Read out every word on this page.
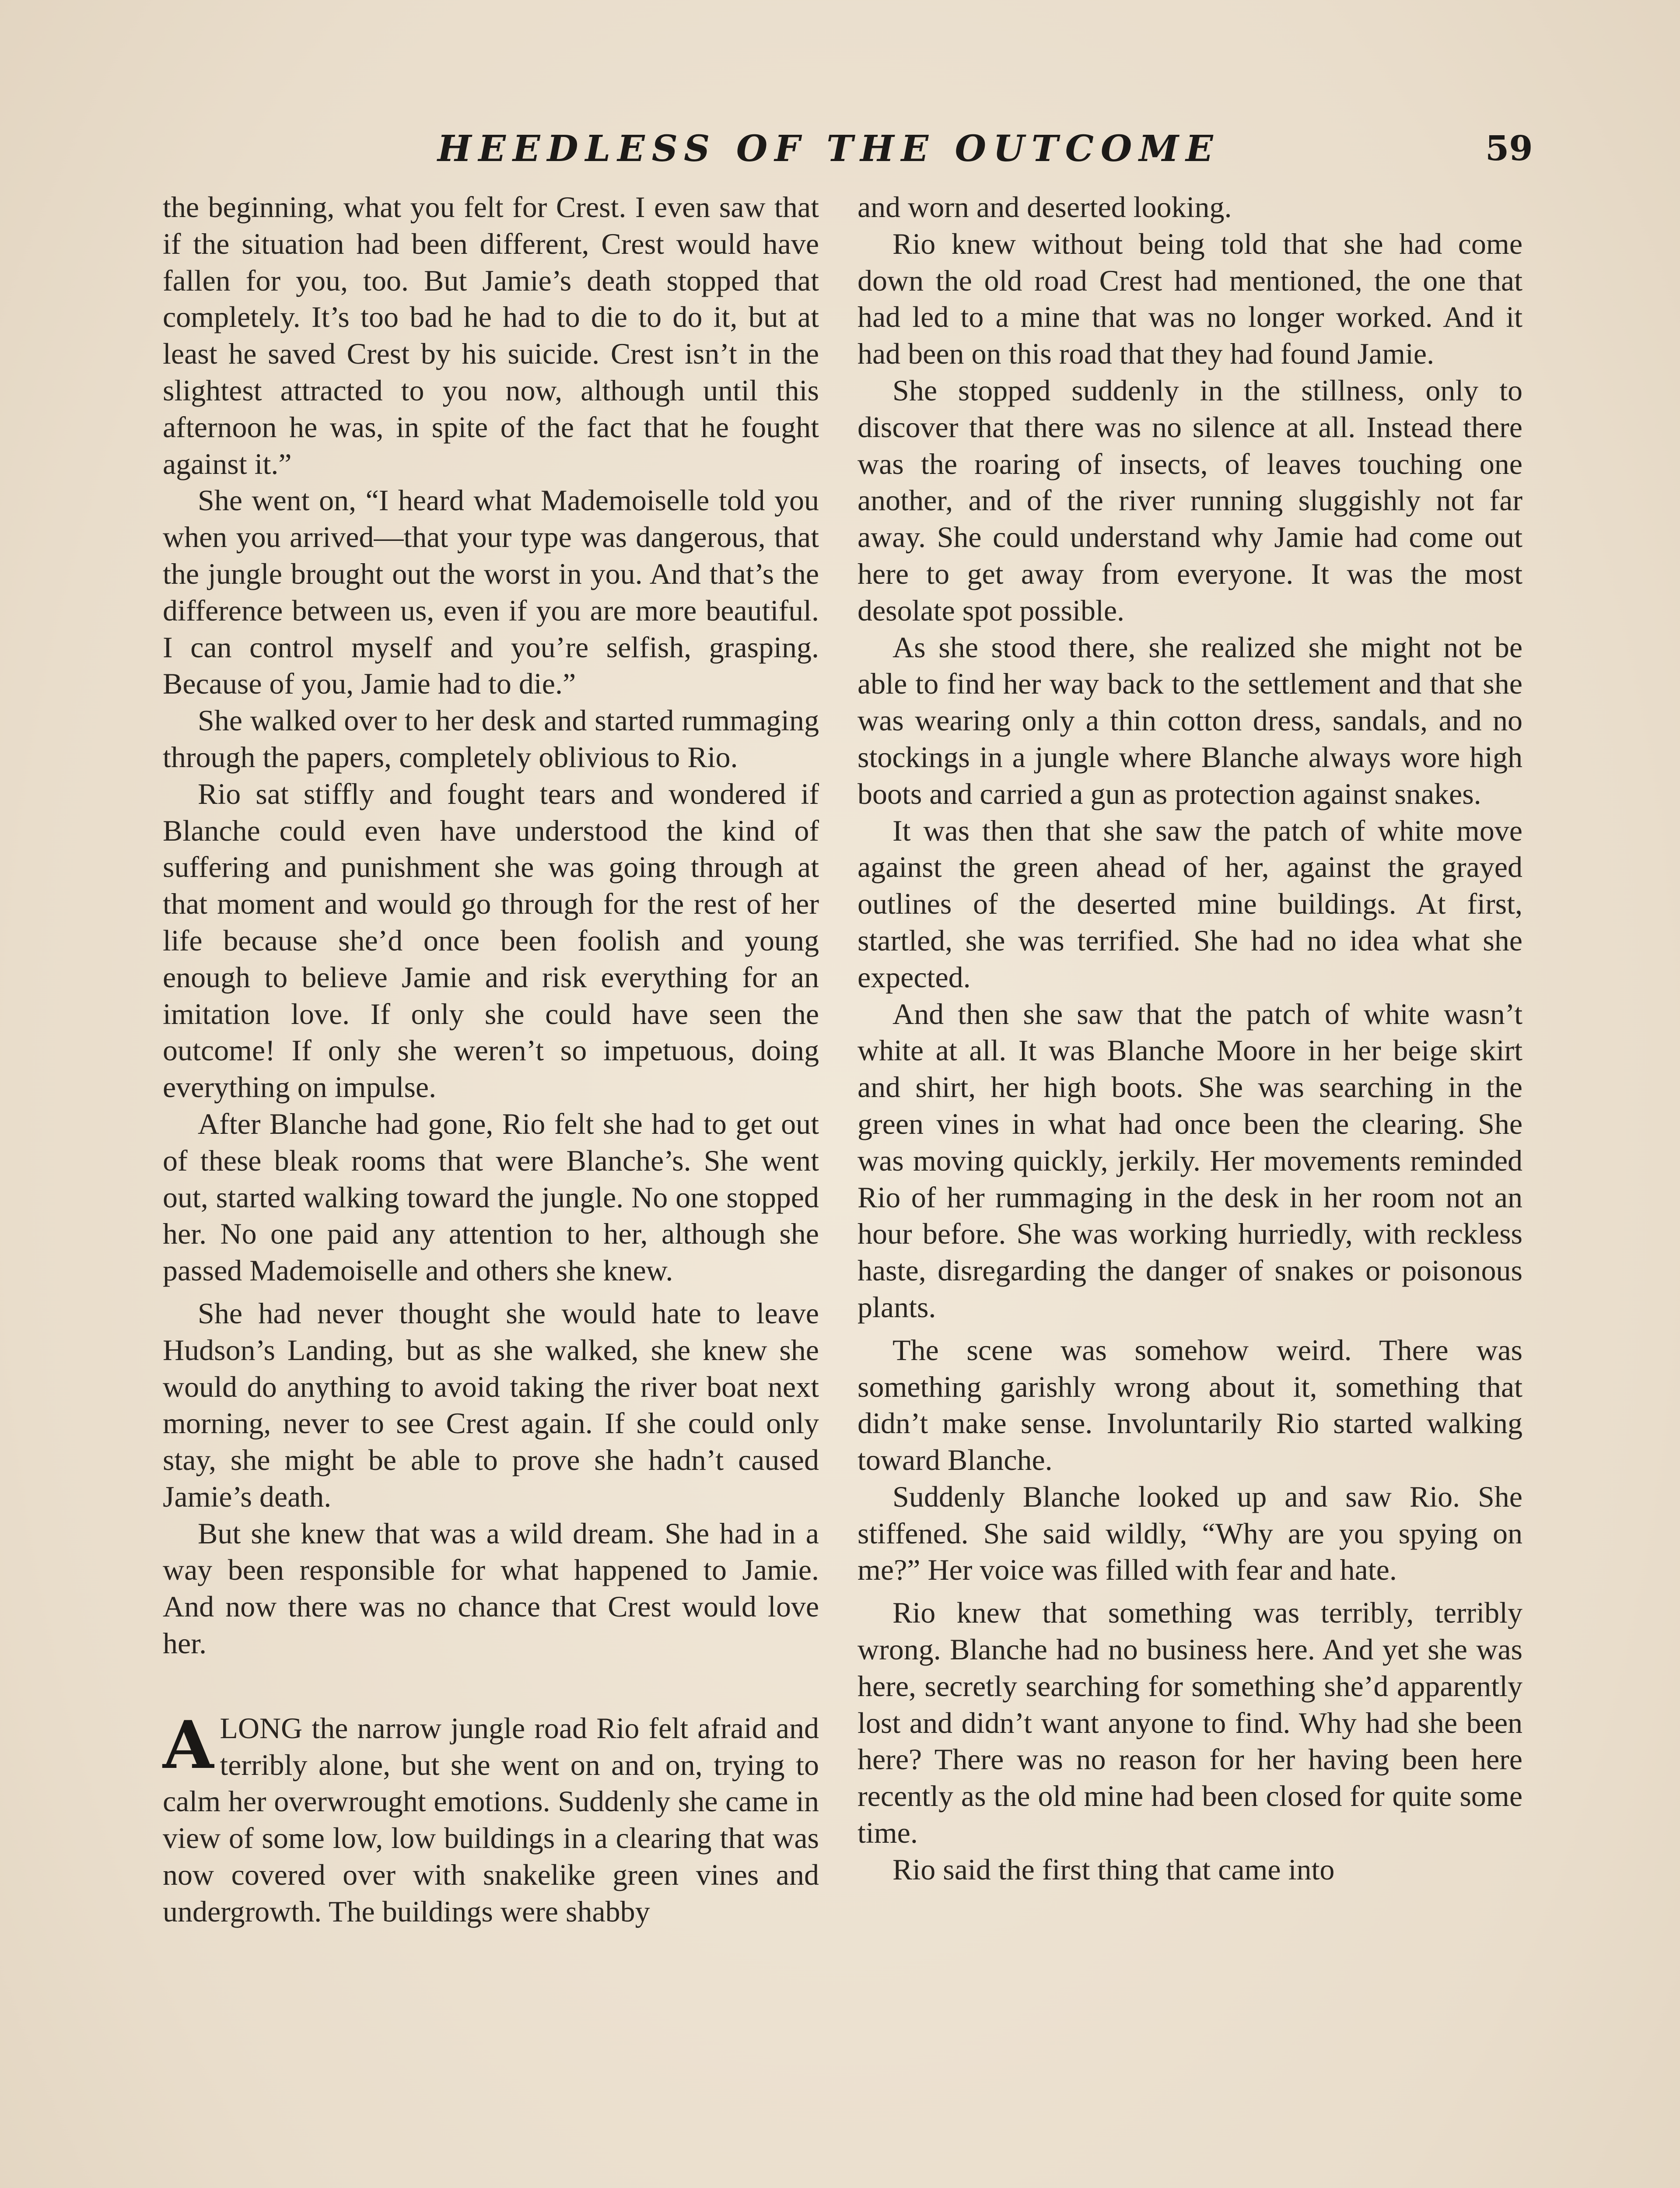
HEEDLESS OF THE OUTCOME	59

the beginning, what you felt for Crest. I even saw that if the situation had been different, Crest would have fallen for you, too. But Jamie’s death stopped that completely. It’s too bad he had to die to do it, but at least he saved Crest by his suicide. Crest isn’t in the slightest attracted to you now, although until this afternoon he was, in spite of the fact that he fought against it.”

She went on, “I heard what Mademoiselle told you when you arrived—that your type was dangerous, that the jungle brought out the worst in you. And that’s the difference between us, even if you are more beautiful. I can control myself and you’re selfish, grasping. Because of you, Jamie had to die.”

She walked over to her desk and started rummaging through the papers, completely oblivious to Rio.

Rio sat stiffly and fought tears and wondered if Blanche could even have understood the kind of suffering and punishment she was going through at that moment and would go through for the rest of her life because she’d once been foolish and young enough to believe Jamie and risk everything for an imitation love. If only she could have seen the outcome! If only she weren’t so impetuous, doing everything on impulse.

After Blanche had gone, Rio felt she had to get out of these bleak rooms that were Blanche’s. She went out, started walking toward the jungle. No one stopped her. No one paid any attention to her, although she passed Mademoiselle and others she knew.

She had never thought she would hate to leave Hudson’s Landing, but as she walked, she knew she would do anything to avoid taking the river boat next morning, never to see Crest again. If she could only stay, she might be able to prove she hadn’t caused Jamie’s death.

But she knew that was a wild dream. She had in a way been responsible for what happened to Jamie. And now there was no chance that Crest would love her.

ALONG the narrow jungle road Rio felt afraid and terribly alone, but she went on and on, trying to calm her overwrought emotions. Suddenly she came in view of some low, low buildings in a clearing that was now covered over with snakelike green vines and undergrowth. The buildings were shabby

and worn and deserted looking.

Rio knew without being told that she had come down the old road Crest had mentioned, the one that had led to a mine that was no longer worked. And it had been on this road that they had found Jamie.

She stopped suddenly in the stillness, only to discover that there was no silence at all. Instead there was the roaring of insects, of leaves touching one another, and of the river running sluggishly not far away. She could understand why Jamie had come out here to get away from everyone. It was the most desolate spot possible.

As she stood there, she realized she might not be able to find her way back to the settlement and that she was wearing only a thin cotton dress, sandals, and no stockings in a jungle where Blanche always wore high boots and carried a gun as protection against snakes.

It was then that she saw the patch of white move against the green ahead of her, against the grayed outlines of the deserted mine buildings. At first, startled, she was terrified. She had no idea what she expected.

And then she saw that the patch of white wasn’t white at all. It was Blanche Moore in her beige skirt and shirt, her high boots. She was searching in the green vines in what had once been the clearing. She was moving quickly, jerkily. Her movements reminded Rio of her rummaging in the desk in her room not an hour before. She was working hurriedly, with reckless haste, disregarding the danger of snakes or poisonous plants.

The scene was somehow weird. There was something garishly wrong about it, something that didn’t make sense. Involuntarily Rio started walking toward Blanche.

Suddenly Blanche looked up and saw Rio. She stiffened. She said wildly, “Why are you spying on me?” Her voice was filled with fear and hate.

Rio knew that something was terribly, terribly wrong. Blanche had no business here. And yet she was here, secretly searching for something she’d apparently lost and didn’t want anyone to find. Why had she been here? There was no reason for her having been here recently as the old mine had been closed for quite some time.

Rio said the first thing that came into
